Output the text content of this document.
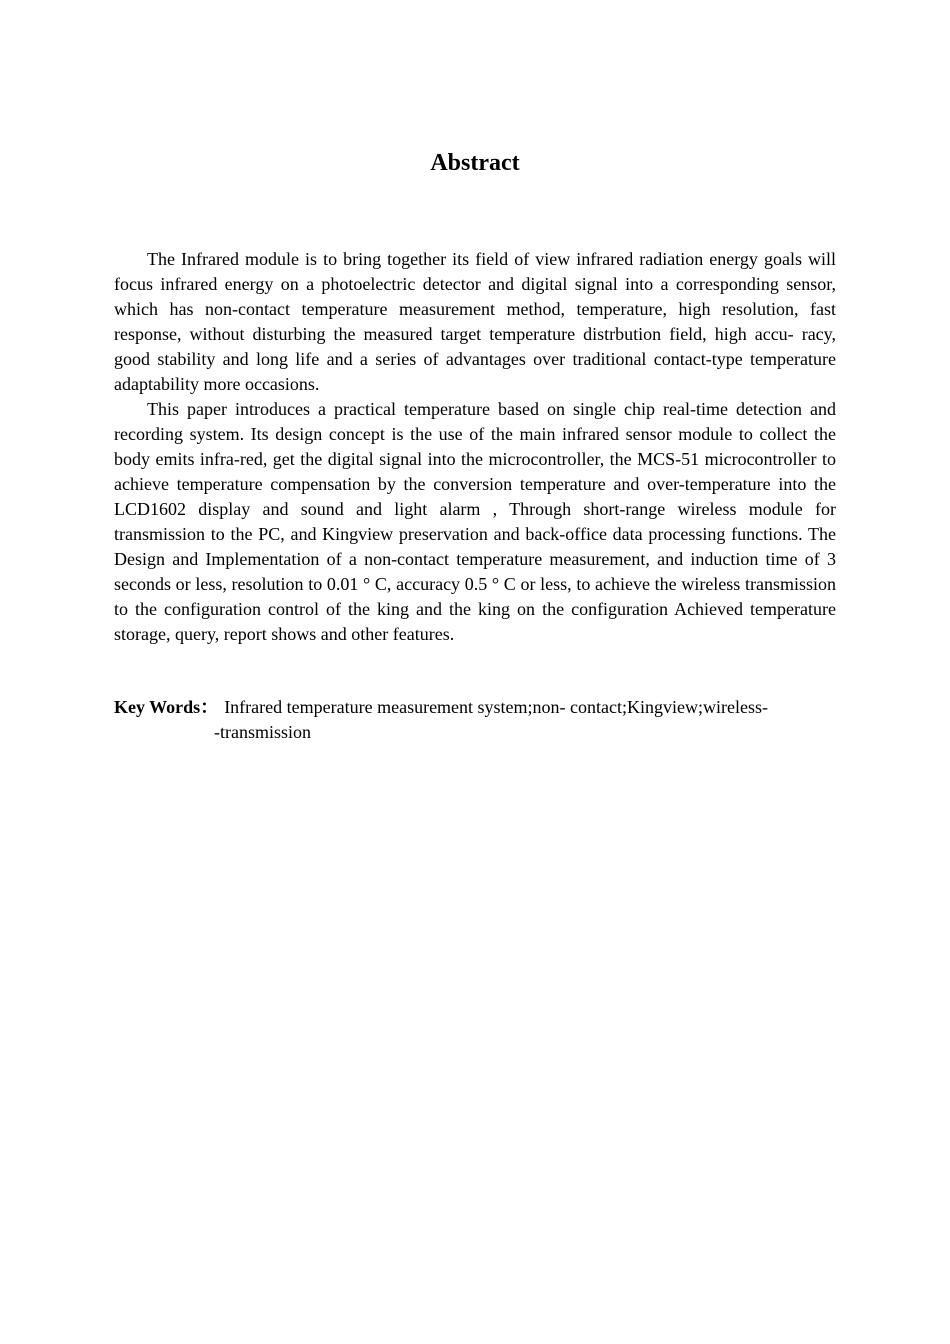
Abstract

The Infrared module is to bring together its field of view infrared radiation energy goals will focus infrared energy on a photoelectric detector and digital signal into a corresponding sensor, which has non-contact temperature measurement method, temperature, high resolution, fast response, without disturbing the measured target temperature distrbution field, high accu- racy, good stability and long life and a series of advantages over traditional contact-type temperature adaptability more occasions.

This paper introduces a practical temperature based on single chip real-time detection and recording system. Its design concept is the use of the main infrared sensor module to collect the body emits infra-red, get the digital signal into the microcontroller, the MCS-51 microcontroller to achieve temperature compensation by the conversion temperature and over-temperature into the LCD1602 display and sound and light alarm , Through short-range wireless module for transmission to the PC, and Kingview preservation and back-office data processing functions. The Design and Implementation of a non-contact temperature measurement, and induction time of 3 seconds or less, resolution to 0.01 ° C, accuracy 0.5 ° C or less, to achieve the wireless transmission to the configuration control of the king and the king on the configuration Achieved temperature storage, query, report shows and other features.

Key Words： Infrared temperature measurement system;non- contact;Kingview;wireless-
-transmission
